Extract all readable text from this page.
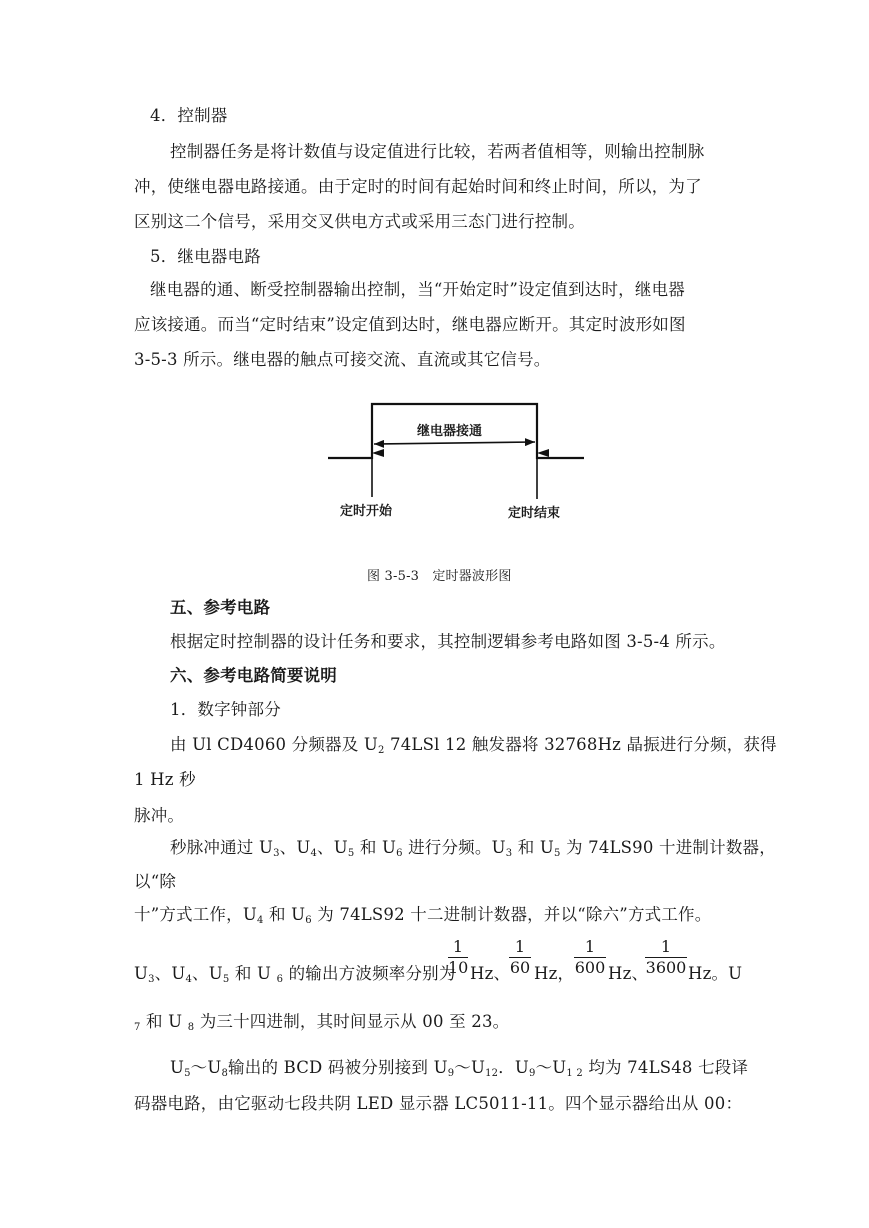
4．控制器
控制器任务是将计数值与设定值进行比较，若两者值相等，则输出控制脉
冲，使继电器电路接通。由于定时的时间有起始时间和终止时间，所以，为了
区别这二个信号，采用交叉供电方式或采用三态门进行控制。
5．继电器电路
继电器的通、断受控制器输出控制，当“开始定时”设定值到达时，继电器
应该接通。而当“定时结束”设定值到达时，继电器应断开。其定时波形如图
3-5-3 所示。继电器的触点可接交流、直流或其它信号。
继电器接通
定时开始	定时结束
图 3-5-3　定时器波形图
五、参考电路
根据定时控制器的设计任务和要求，其控制逻辑参考电路如图 3-5-4 所示。
六、参考电路简要说明
1．数字钟部分
由 Ul CD4060 分频器及 $U_2$ 74LSl 12 触发器将 32768Hz 晶振进行分频，获得
1 Hz 秒
脉冲。
秒脉冲通过 $U_3$、$U_4$、$U_5$ 和 $U_6$ 进行分频。$U_3$ 和 $U_5$ 为 74LS90 十进制计数器，
以“除
十”方式工作，$U_4$ 和 $U_6$ 为 74LS92 十二进制计数器，并以“除六”方式工作。
$U_3$、$U_4$、$U_5$ 和 U $_6$ 的输出方波频率分别为
1
10 Hz、
1
60 Hz，
1
600 Hz、
1
3600 Hz。U
$_7$ 和 U $_8$ 为三十四进制，其时间显示从 00 至 23。
$U_5\sim U_8$输出的 BCD 码被分别接到 $U_9\sim U_{12}$．$U_9\sim U_{1 2}$ 均为 74LS48 七段译
码器电路，由它驱动七段共阴 LED 显示器 LC5011-11。四个显示器给出从 00：
